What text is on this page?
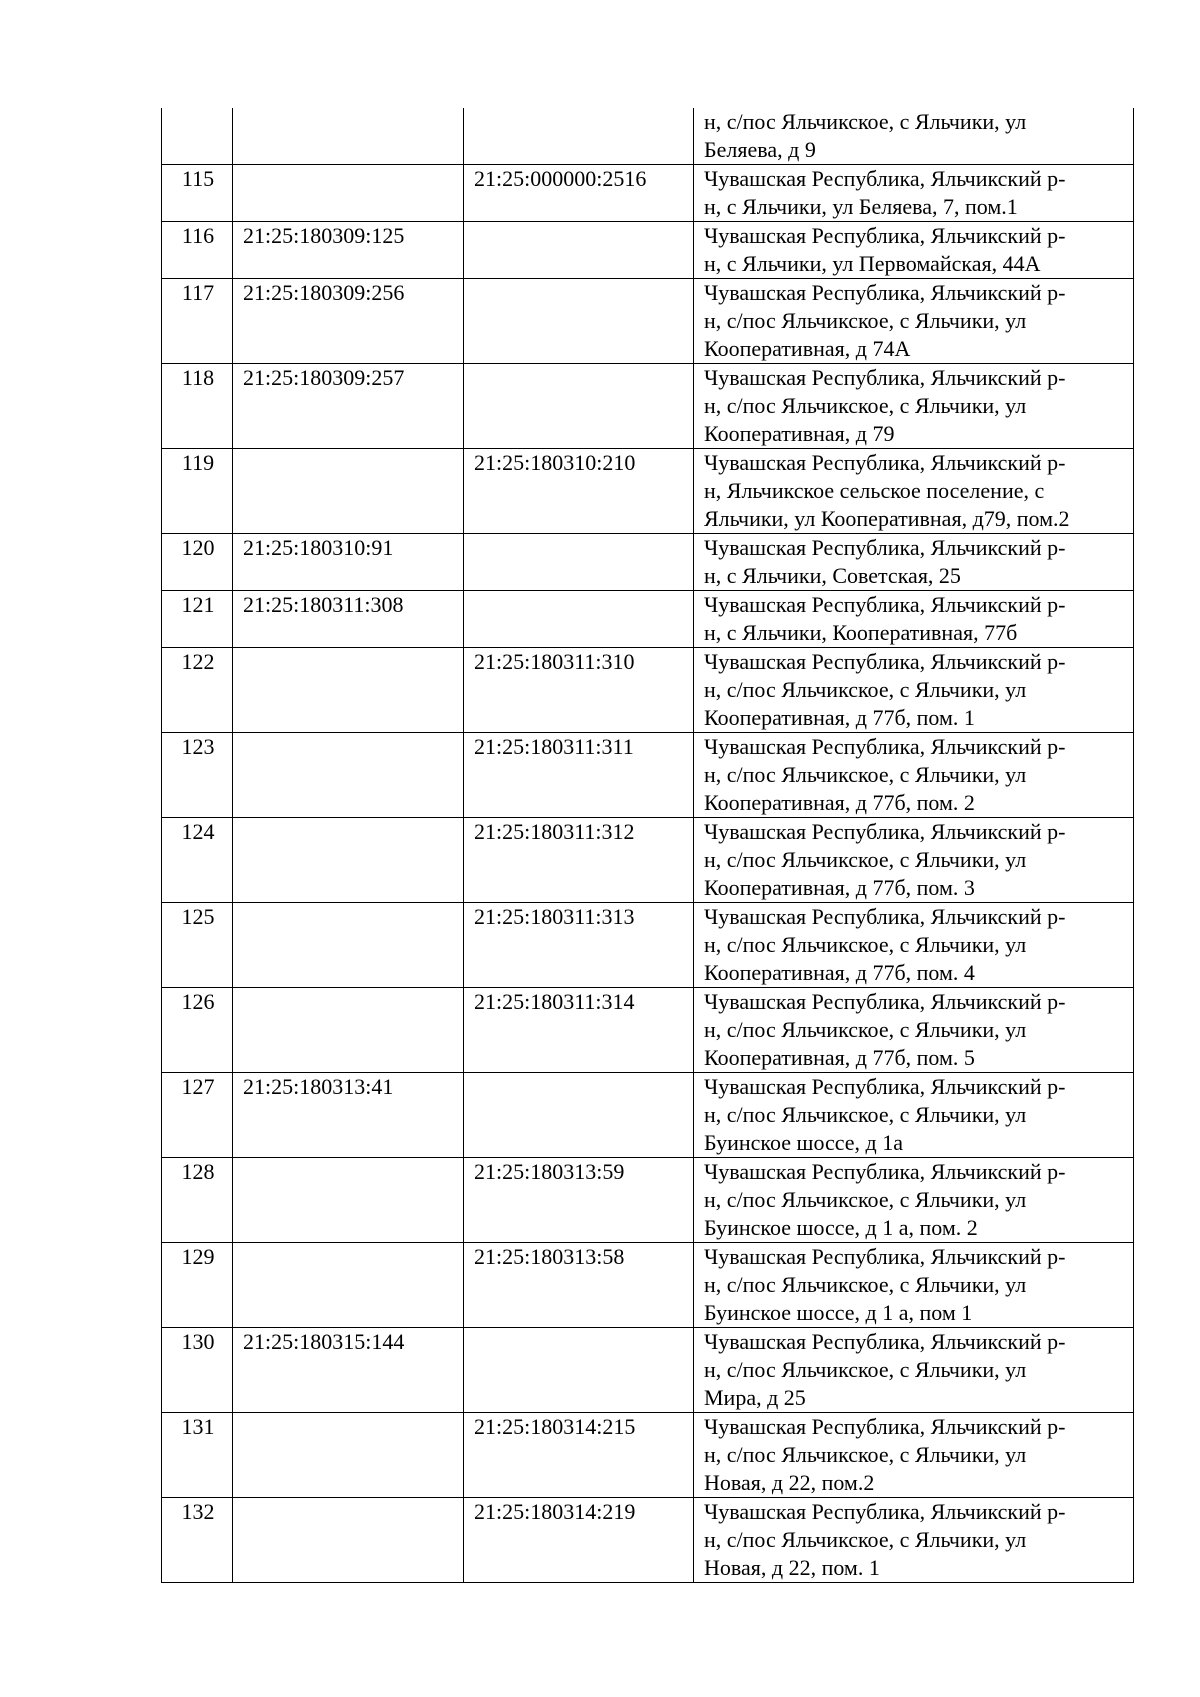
			н, с/пос Яльчикское, с Яльчики, ул
Беляева, д 9
115		21:25:000000:2516	Чувашская Республика, Яльчикский р-
н, с Яльчики, ул Беляева, 7, пом.1
116	21:25:180309:125		Чувашская Республика, Яльчикский р-
н, с Яльчики, ул Первомайская, 44А
117	21:25:180309:256		Чувашская Республика, Яльчикский р-
н, с/пос Яльчикское, с Яльчики, ул
Кооперативная, д 74А
118	21:25:180309:257		Чувашская Республика, Яльчикский р-
н, с/пос Яльчикское, с Яльчики, ул
Кооперативная, д 79
119		21:25:180310:210	Чувашская Республика, Яльчикский р-
н, Яльчикское сельское поселение, с
Яльчики, ул Кооперативная, д79, пом.2
120	21:25:180310:91		Чувашская Республика, Яльчикский р-
н, с Яльчики, Советская, 25
121	21:25:180311:308		Чувашская Республика, Яльчикский р-
н, с Яльчики, Кооперативная, 77б
122		21:25:180311:310	Чувашская Республика, Яльчикский р-
н, с/пос Яльчикское, с Яльчики, ул
Кооперативная, д 77б, пом. 1
123		21:25:180311:311	Чувашская Республика, Яльчикский р-
н, с/пос Яльчикское, с Яльчики, ул
Кооперативная, д 77б, пом. 2
124		21:25:180311:312	Чувашская Республика, Яльчикский р-
н, с/пос Яльчикское, с Яльчики, ул
Кооперативная, д 77б, пом. 3
125		21:25:180311:313	Чувашская Республика, Яльчикский р-
н, с/пос Яльчикское, с Яльчики, ул
Кооперативная, д 77б, пом. 4
126		21:25:180311:314	Чувашская Республика, Яльчикский р-
н, с/пос Яльчикское, с Яльчики, ул
Кооперативная, д 77б, пом. 5
127	21:25:180313:41		Чувашская Республика, Яльчикский р-
н, с/пос Яльчикское, с Яльчики, ул
Буинское шоссе, д 1а
128		21:25:180313:59	Чувашская Республика, Яльчикский р-
н, с/пос Яльчикское, с Яльчики, ул
Буинское шоссе, д 1 а, пом. 2
129		21:25:180313:58	Чувашская Республика, Яльчикский р-
н, с/пос Яльчикское, с Яльчики, ул
Буинское шоссе, д 1 а, пом 1
130	21:25:180315:144		Чувашская Республика, Яльчикский р-
н, с/пос Яльчикское, с Яльчики, ул
Мира, д 25
131		21:25:180314:215	Чувашская Республика, Яльчикский р-
н, с/пос Яльчикское, с Яльчики, ул
Новая, д 22, пом.2
132		21:25:180314:219	Чувашская Республика, Яльчикский р-
н, с/пос Яльчикское, с Яльчики, ул
Новая, д 22, пом. 1
